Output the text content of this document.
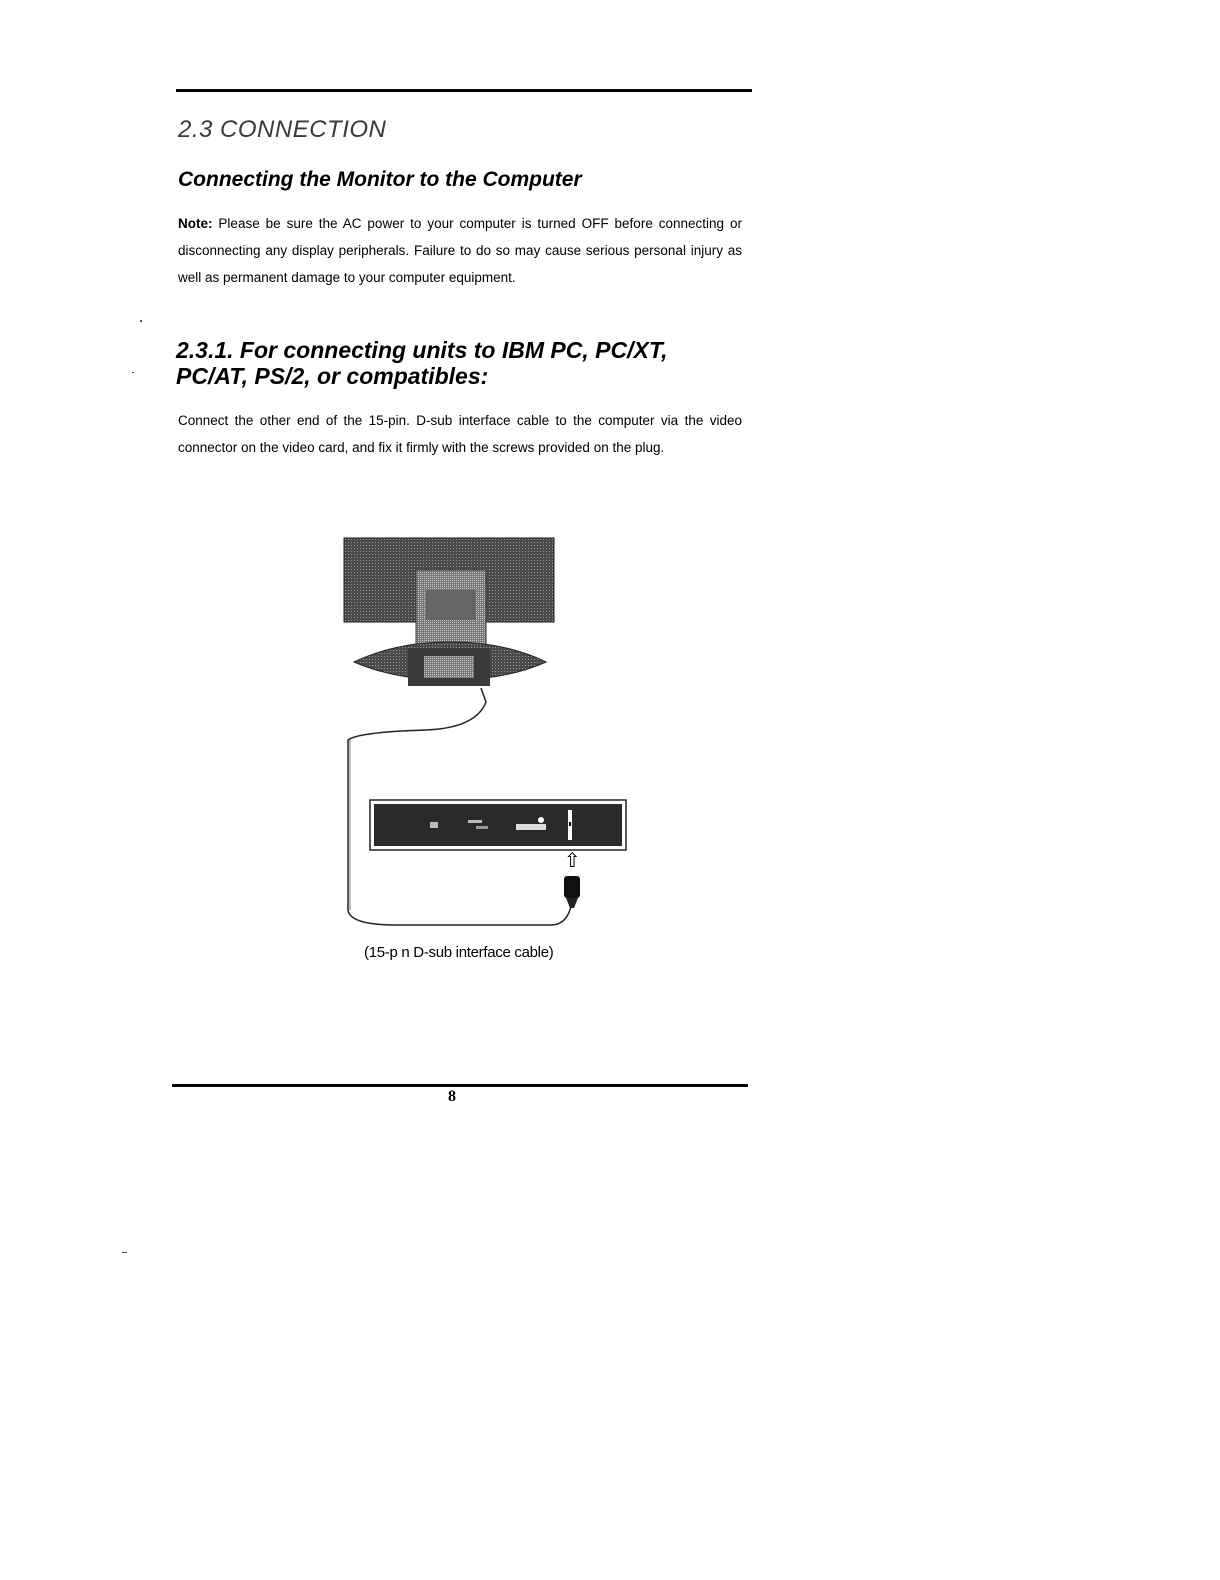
2.3 CONNECTION
Connecting the Monitor to the Computer
Note: Please be sure the AC power to your computer is turned OFF before connecting or disconnecting any display peripherals. Failure to do so may cause serious personal injury as well as permanent damage to your computer equipment.
2.3.1. For connecting units to IBM PC, PC/XT,
PC/AT, PS/2, or compatibles:
Connect the other end of the 15-pin. D-sub interface cable to the computer via the video connector on the video card, and fix it firmly with the screws provided on the plug.
⇧
(15-p n D-sub interface cable)
8
